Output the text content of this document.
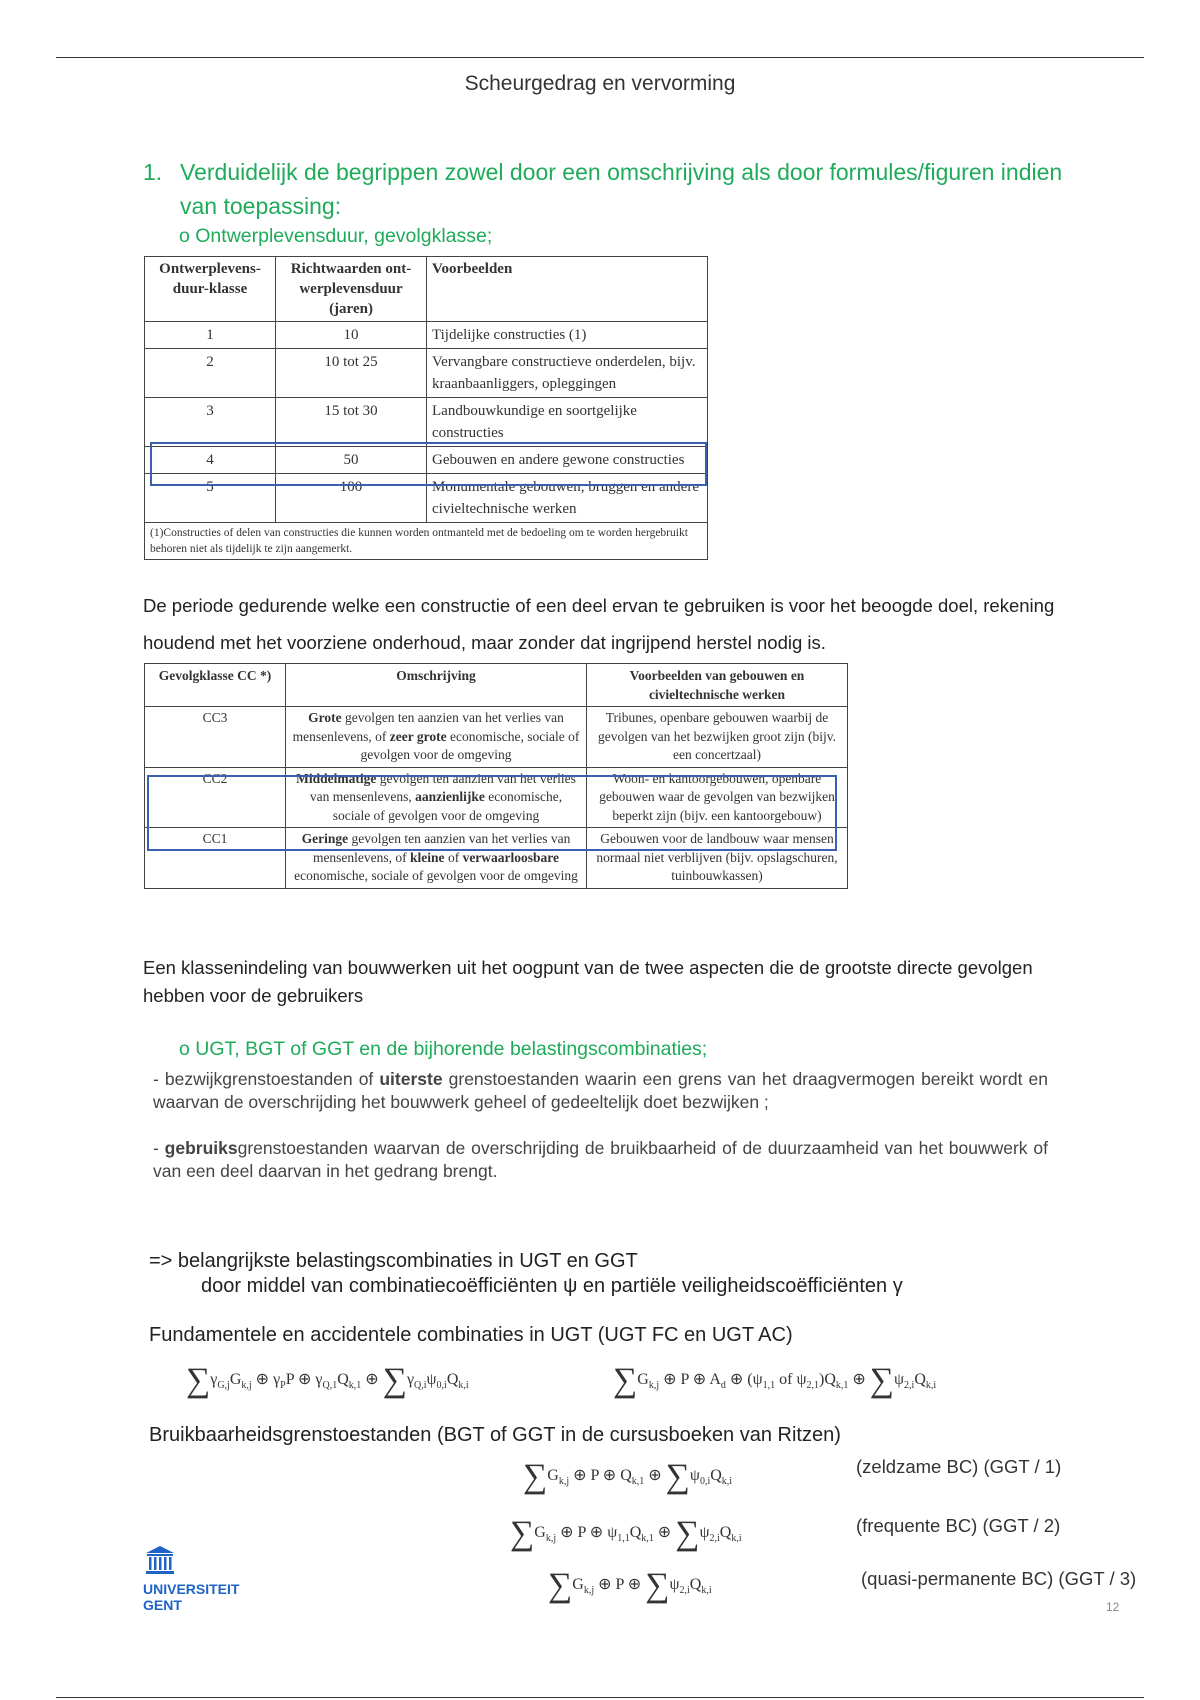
Scheurgedrag en vervorming
1. Verduidelijk de begrippen zowel door een omschrijving als door formules/figuren indien van toepassing:
o Ontwerplevensduur, gevolgklasse;
Ontwerplevens-duur-klasse	Richtwaarden ont-werplevensduur (jaren)	Voorbeelden
1	10	Tijdelijke constructies (1)
2	10 tot 25	Vervangbare constructieve onderdelen, bijv. kraanbaanliggers, opleggingen
3	15 tot 30	Landbouwkundige en soortgelijke constructies
4	50	Gebouwen en andere gewone constructies
5	100	Monumentale gebouwen, bruggen en andere civieltechnische werken
(1)Constructies of delen van constructies die kunnen worden ontmanteld met de bedoeling om te worden hergebruikt behoren niet als tijdelijk te zijn aangemerkt.		
De periode gedurende welke een constructie of een deel ervan te gebruiken is voor het beoogde doel, rekening houdend met het voorziene onderhoud, maar zonder dat ingrijpend herstel nodig is.
Gevolgklasse CC *)	Omschrijving	Voorbeelden van gebouwen en civieltechnische werken
CC3	Grote gevolgen ten aanzien van het verlies van mensenlevens, of zeer grote economische, sociale of gevolgen voor de omgeving	Tribunes, openbare gebouwen waarbij de gevolgen van het bezwijken groot zijn (bijv. een concertzaal)
CC2	Middelmatige gevolgen ten aanzien van het verlies van mensenlevens, aanzienlijke economische, sociale of gevolgen voor de omgeving	Woon- en kantoorgebouwen, openbare gebouwen waar de gevolgen van bezwijken beperkt zijn (bijv. een kantoorgebouw)
CC1	Geringe gevolgen ten aanzien van het verlies van mensenlevens, of kleine of verwaarloosbare economische, sociale of gevolgen voor de omgeving	Gebouwen voor de landbouw waar mensen normaal niet verblijven (bijv. opslagschuren, tuinbouwkassen)
Een klassenindeling van bouwwerken uit het oogpunt van de twee aspecten die de grootste directe gevolgen hebben voor de gebruikers
o UGT, BGT of GGT en de bijhorende belastingscombinaties;
- bezwijkgrenstoestanden of uiterste grenstoestanden waarin een grens van het draagvermogen bereikt wordt en waarvan de overschrijding het bouwwerk geheel of gedeeltelijk doet bezwijken ;
- gebruiksgrenstoestanden waarvan de overschrijding de bruikbaarheid of de duurzaamheid van het bouwwerk of van een deel daarvan in het gedrang brengt.
=> belangrijkste belastingscombinaties in UGT en GGT
door middel van combinatiecoëfficiënten ψ en partiële veiligheidscoëfficiënten γ
Fundamentele en accidentele combinaties in UGT (UGT FC en UGT AC)
$\sum\gamma_{G,j}G_{k,j}$ ⊕ $\gamma_PP$ ⊕ $\gamma_{Q,1}Q_{k,1}$ ⊕ $\sum\gamma_{Q,i}\psi_{0,i}Q_{k,i}$	$\sum G_{k,j}$ ⊕ P ⊕ $A_d$ ⊕ ($\psi_{1,1}$ of $\psi_{2,1})Q_{k,1}$ ⊕ $\sum\psi_{2,i}Q_{k,i}$
Bruikbaarheidsgrenstoestanden (BGT of GGT in de cursusboeken van Ritzen)
$\sum G_{k,j}$ ⊕ P ⊕ $Q_{k,1}$ ⊕ $\sum\psi_{0,i}Q_{k,i}$
(zeldzame BC) (GGT / 1)
$\sum G_{k,j}$ ⊕ P ⊕ $\psi_{1,1}Q_{k,1}$ ⊕ $\sum\psi_{2,i}Q_{k,i}$
(frequente BC) (GGT / 2)
$\sum G_{k,j}$ ⊕ P ⊕ $\sum\psi_{2,i}Q_{k,i}$
(quasi-permanente BC) (GGT / 3)
UNIVERSITEIT
GENT	12
